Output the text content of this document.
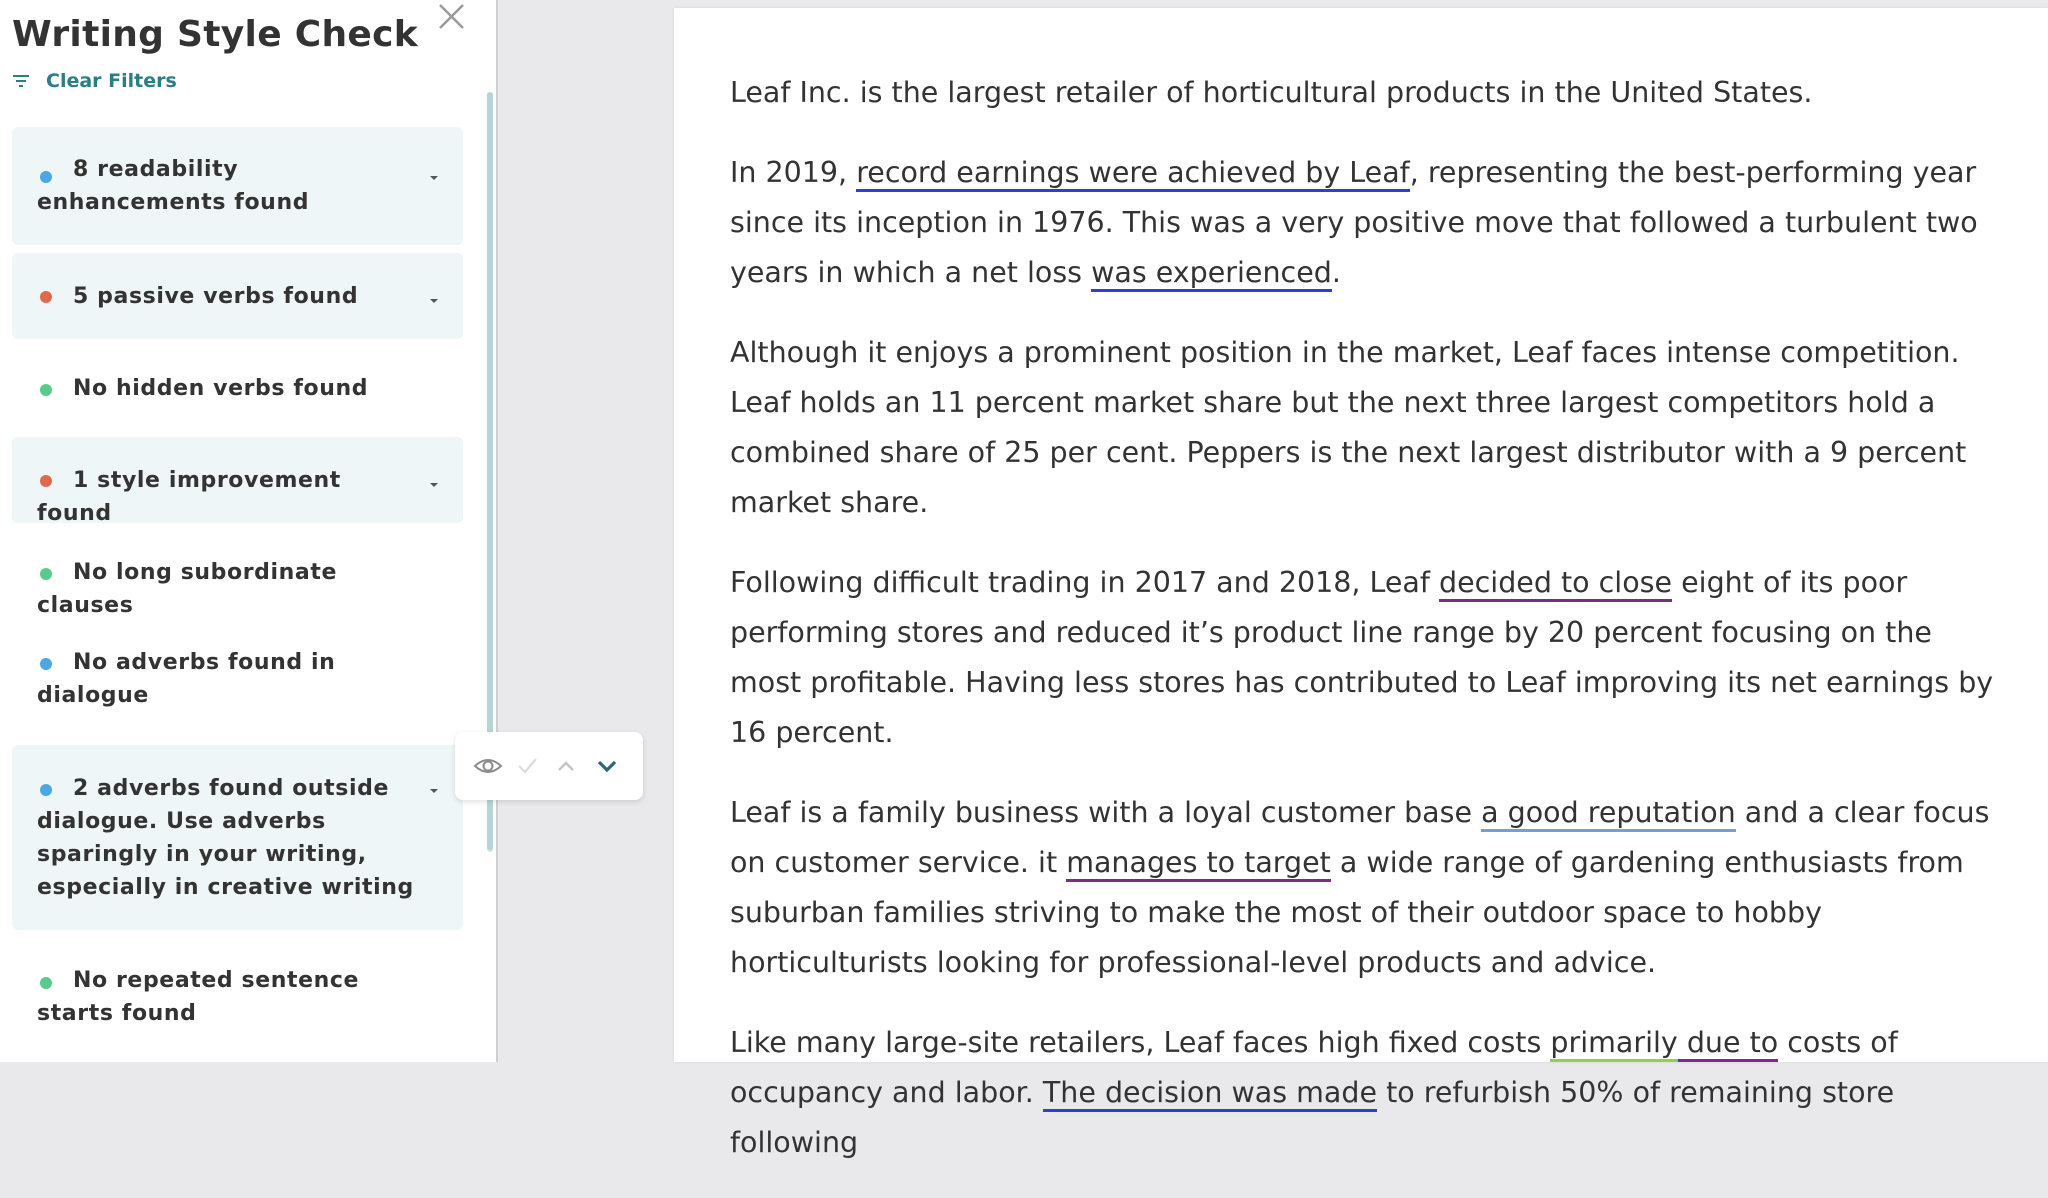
Writing Style Check
Clear Filters
8 readability enhancements found
5 passive verbs found
No hidden verbs found
1 style improvement found
No long subordinate clauses
No adverbs found in dialogue
2 adverbs found outside dialogue. Use adverbs sparingly in your writing, especially in creative writing
No repeated sentence starts found

Leaf Inc. is the largest retailer of horticultural products in the United States.

In 2019, record earnings were achieved by Leaf, representing the best-performing year since its inception in 1976. This was a very positive move that followed a turbulent two years in which a net loss was experienced.

Although it enjoys a prominent position in the market, Leaf faces intense competition. Leaf holds an 11 percent market share but the next three largest competitors hold a combined share of 25 per cent. Peppers is the next largest distributor with a 9 percent market share.

Following difficult trading in 2017 and 2018, Leaf decided to close eight of its poor performing stores and reduced it’s product line range by 20 percent focusing on the most profitable. Having less stores has contributed to Leaf improving its net earnings by 16 percent.

Leaf is a family business with a loyal customer base a good reputation and a clear focus on customer service. it manages to target a wide range of gardening enthusiasts from suburban families striving to make the most of their outdoor space to hobby horticulturists looking for professional-level products and advice.

Like many large-site retailers, Leaf faces high fixed costs primarily due to costs of occupancy and labor. The decision was made to refurbish 50% of remaining store following
